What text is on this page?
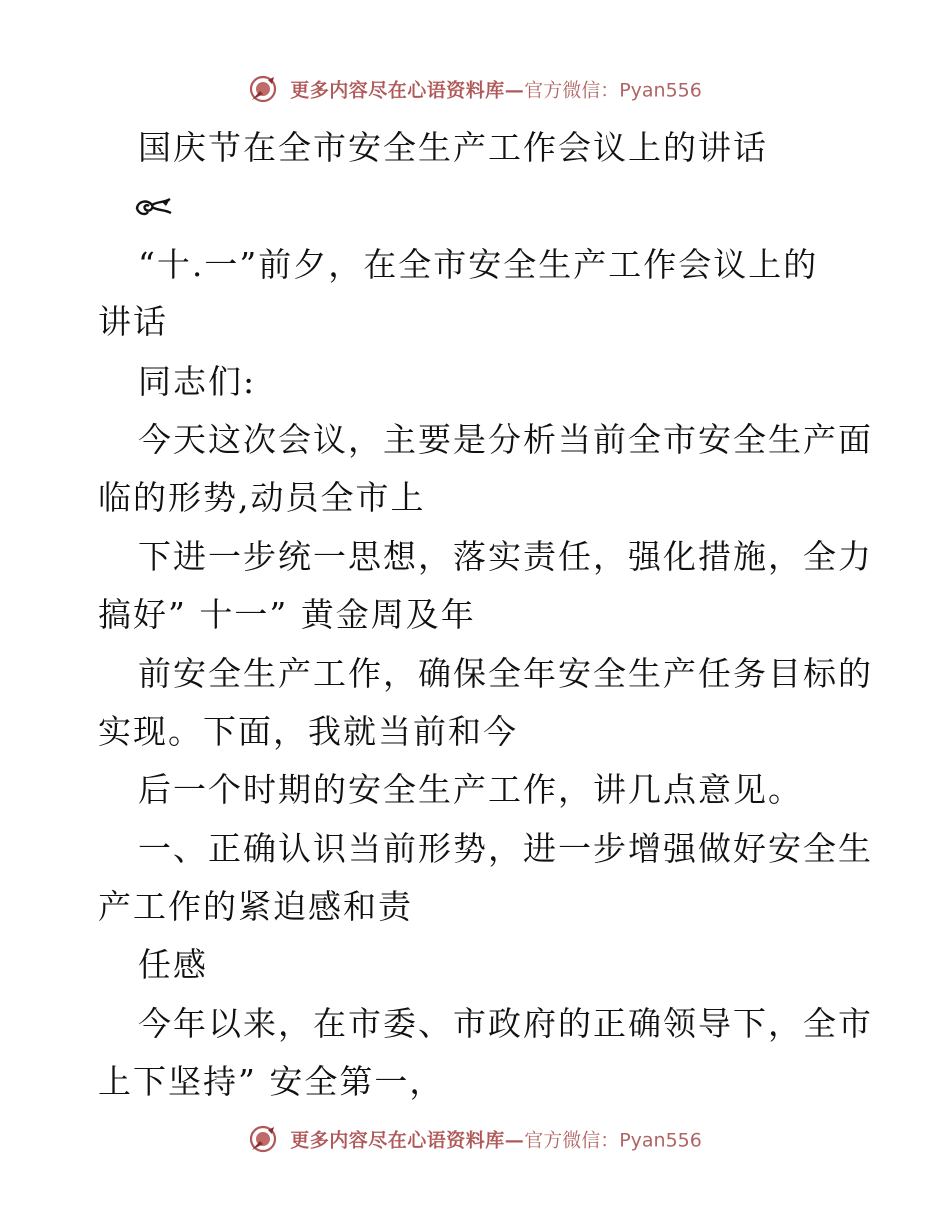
更多内容尽在心语资料库—官方微信：Pyan556
国庆节在全市安全生产工作会议上的讲话
“十.一”前夕，在全市安全生产工作会议上的
讲话
同志们:
今天这次会议，主要是分析当前全市安全生产面
临的形势,动员全市上
下进一步统一思想，落实责任，强化措施，全力
搞好” 十一” 黄金周及年
前安全生产工作，确保全年安全生产任务目标的
实现。下面，我就当前和今
后一个时期的安全生产工作，讲几点意见。
一、正确认识当前形势，进一步增强做好安全生
产工作的紧迫感和责
任感
今年以来，在市委、市政府的正确领导下，全市
上下坚持” 安全第一，
更多内容尽在心语资料库—官方微信：Pyan556
